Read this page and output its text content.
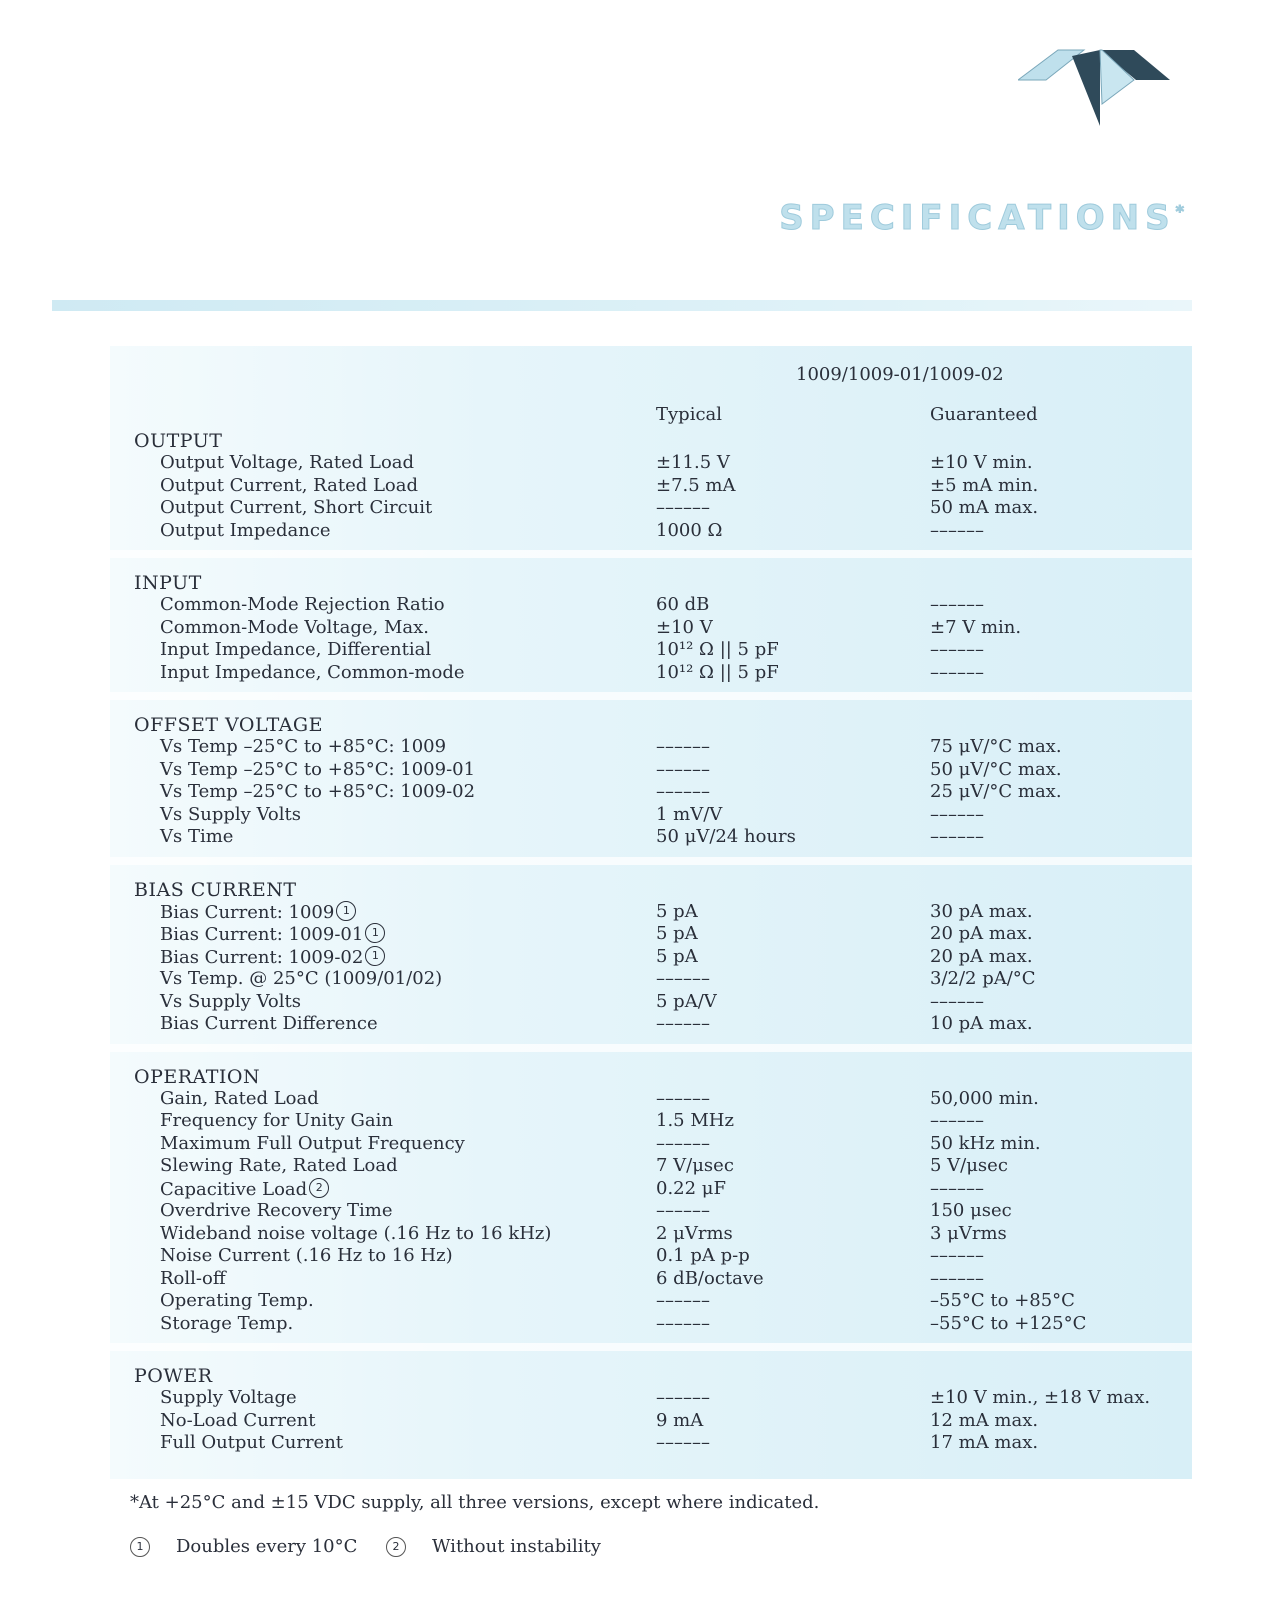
SPECIFICATIONS*
1009/1009-01/1009-02
Typical	Guaranteed
OUTPUT
Output Voltage, Rated Load	±11.5 V	±10 V min.
Output Current, Rated Load	±7.5 mA	±5 mA min.
Output Current, Short Circuit	––––––	50 mA max.
Output Impedance	1000 Ω	––––––
INPUT
Common-Mode Rejection Ratio	60 dB	––––––
Common-Mode Voltage, Max.	±10 V	±7 V min.
Input Impedance, Differential	10¹² Ω || 5 pF	––––––
Input Impedance, Common-mode	10¹² Ω || 5 pF	––––––
OFFSET VOLTAGE
Vs Temp –25°C to +85°C: 1009	––––––	75 μV/°C max.
Vs Temp –25°C to +85°C: 1009-01	––––––	50 μV/°C max.
Vs Temp –25°C to +85°C: 1009-02	––––––	25 μV/°C max.
Vs Supply Volts	1 mV/V	––––––
Vs Time	50 μV/24 hours	––––––
BIAS CURRENT
Bias Current: 1009 1	5 pA	30 pA max.
Bias Current: 1009-01 1	5 pA	20 pA max.
Bias Current: 1009-02 1	5 pA	20 pA max.
Vs Temp. @ 25°C (1009/01/02)	––––––	3/2/2 pA/°C
Vs Supply Volts	5 pA/V	––––––
Bias Current Difference	––––––	10 pA max.
OPERATION
Gain, Rated Load	––––––	50,000 min.
Frequency for Unity Gain	1.5 MHz	––––––
Maximum Full Output Frequency	––––––	50 kHz min.
Slewing Rate, Rated Load	7 V/μsec	5 V/μsec
Capacitive Load 2	0.22 μF	––––––
Overdrive Recovery Time	––––––	150 μsec
Wideband noise voltage (.16 Hz to 16 kHz)	2 μVrms	3 μVrms
Noise Current (.16 Hz to 16 Hz)	0.1 pA p-p	––––––
Roll-off	6 dB/octave	––––––
Operating Temp.	––––––	–55°C to +85°C
Storage Temp.	––––––	–55°C to +125°C
POWER
Supply Voltage	––––––	±10 V min., ±18 V max.
No-Load Current	9 mA	12 mA max.
Full Output Current	––––––	17 mA max.
*At +25°C and ±15 VDC supply, all three versions, except where indicated.
1 Doubles every 10°C	2 Without instability
